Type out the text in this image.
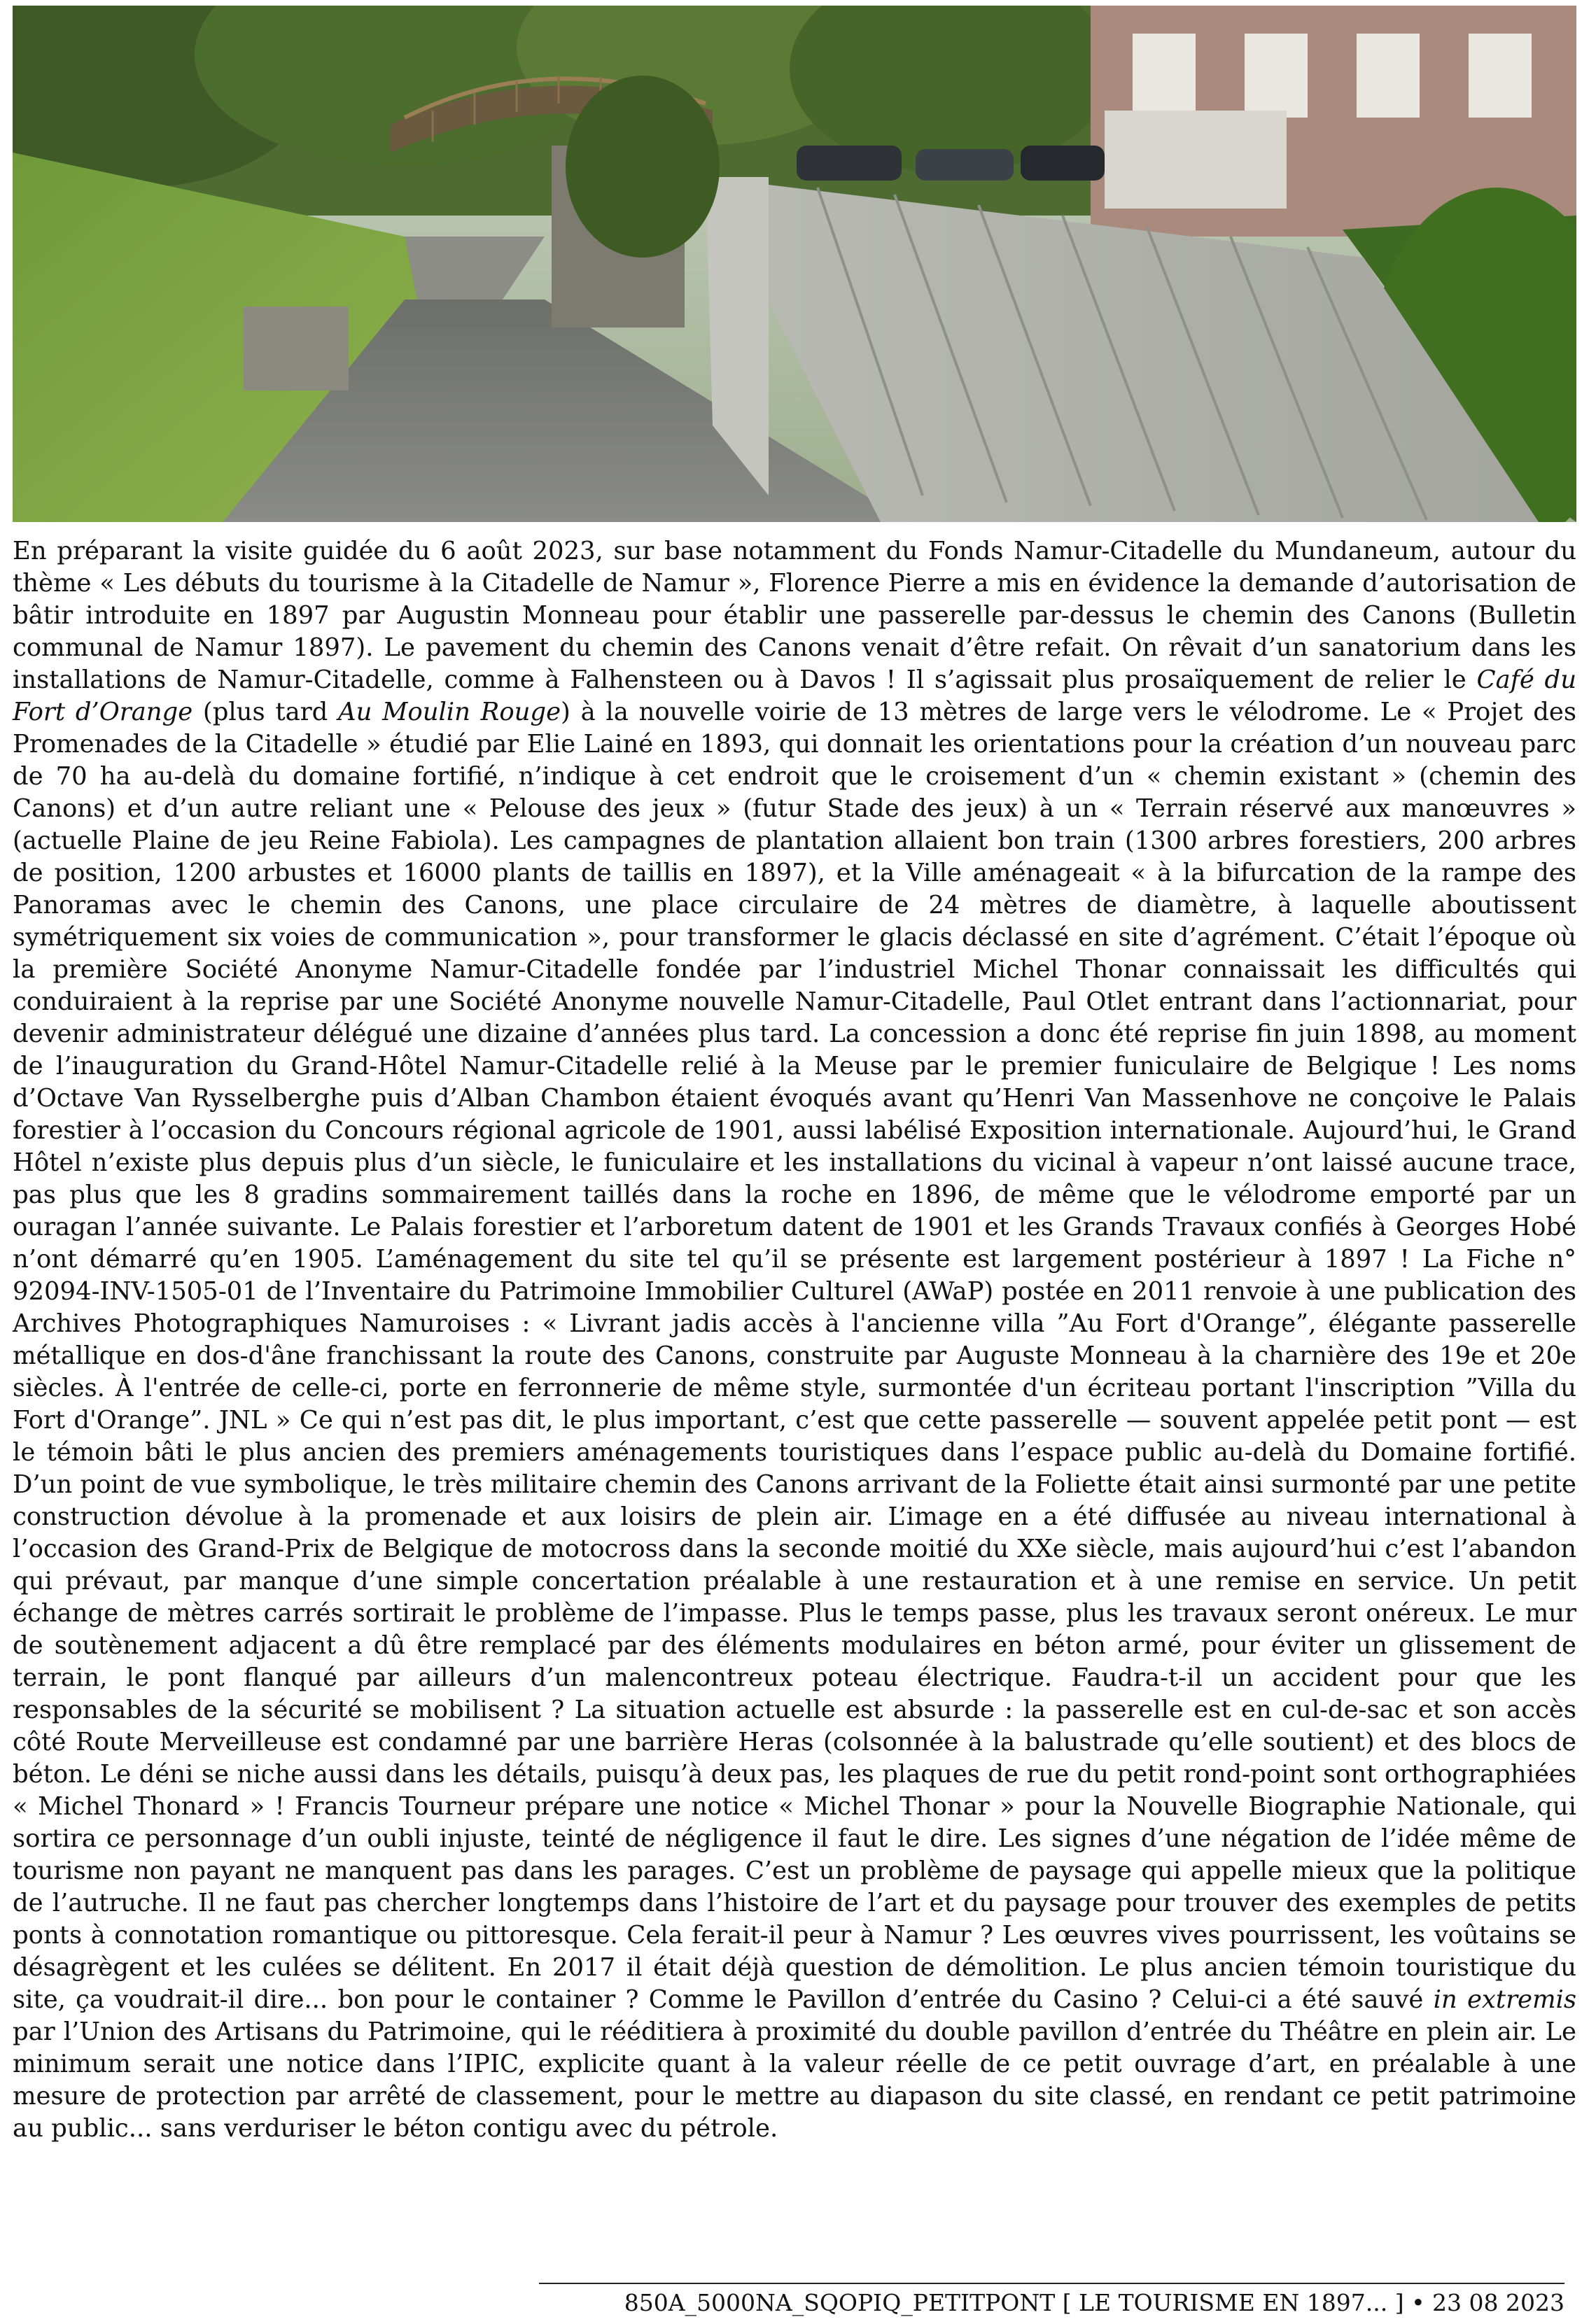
En préparant la visite guidée du 6 août 2023, sur base notamment du Fonds Namur-Citadelle du Mundaneum, autour du thème « Les débuts du tourisme à la Citadelle de Namur », Florence Pierre a mis en évidence la demande d’autorisation de bâtir introduite en 1897 par Augustin Monneau pour établir une passerelle par-dessus le chemin des Canons (Bulletin communal de Namur 1897). Le pavement du chemin des Canons venait d’être refait. On rêvait d’un sanatorium dans les installations de Namur-Citadelle, comme à Falhensteen ou à Davos ! Il s’agissait plus prosaïquement de relier le Café du Fort d’Orange (plus tard Au Moulin Rouge) à la nouvelle voirie de 13 mètres de large vers le vélodrome. Le « Projet des Promenades de la Citadelle » étudié par Elie Lainé en 1893, qui donnait les orientations pour la création d’un nouveau parc de 70 ha au-delà du domaine fortifié, n’indique à cet endroit que le croisement d’un « chemin existant » (chemin des Canons) et d’un autre reliant une « Pelouse des jeux » (futur Stade des jeux) à un « Terrain réservé aux manœuvres » (actuelle Plaine de jeu Reine Fabiola). Les campagnes de plantation allaient bon train (1300 arbres forestiers, 200 arbres de position, 1200 arbustes et 16000 plants de taillis en 1897), et la Ville aménageait « à la bifurcation de la rampe des Panoramas avec le chemin des Canons, une place circulaire de 24 mètres de diamètre, à laquelle aboutissent symétriquement six voies de communication », pour transformer le glacis déclassé en site d’agrément. C’était l’époque où la première Société Anonyme Namur-Citadelle fondée par l’industriel Michel Thonar connaissait les difficultés qui conduiraient à la reprise par une Société Anonyme nouvelle Namur-Citadelle, Paul Otlet entrant dans l’actionnariat, pour devenir administrateur délégué une dizaine d’années plus tard. La concession a donc été reprise fin juin 1898, au moment de l’inauguration du Grand-Hôtel Namur-Citadelle relié à la Meuse par le premier funiculaire de Belgique ! Les noms d’Octave Van Rysselberghe puis d’Alban Chambon étaient évoqués avant qu’Henri Van Massenhove ne conçoive le Palais forestier à l’occasion du Concours régional agricole de 1901, aussi labélisé Exposition internationale. Aujourd’hui, le Grand Hôtel n’existe plus depuis plus d’un siècle, le funiculaire et les installations du vicinal à vapeur n’ont laissé aucune trace, pas plus que les 8 gradins sommairement taillés dans la roche en 1896, de même que le vélodrome emporté par un ouragan l’année suivante. Le Palais forestier et l’arboretum datent de 1901 et les Grands Travaux confiés à Georges Hobé n’ont démarré qu’en 1905. L’aménagement du site tel qu’il se présente est largement postérieur à 1897 ! La Fiche n° 92094-INV-1505-01 de l’Inventaire du Patrimoine Immobilier Culturel (AWaP) postée en 2011 renvoie à une publication des Archives Photographiques Namuroises : « Livrant jadis accès à l'ancienne villa ”Au Fort d'Orange”, élégante passerelle métallique en dos-d'âne franchissant la route des Canons, construite par Auguste Monneau à la charnière des 19e et 20e siècles. À l'entrée de celle-ci, porte en ferronnerie de même style, surmontée d'un écriteau portant l'inscription ”Villa du Fort d'Orange”. JNL » Ce qui n’est pas dit, le plus important, c’est que cette passerelle — souvent appelée petit pont — est le témoin bâti le plus ancien des premiers aménagements touristiques dans l’espace public au-delà du Domaine fortifié. D’un point de vue symbolique, le très militaire chemin des Canons arrivant de la Foliette était ainsi surmonté par une petite construction dévolue à la promenade et aux loisirs de plein air. L’image en a été diffusée au niveau international à l’occasion des Grand-Prix de Belgique de motocross dans la seconde moitié du XXe siècle, mais aujourd’hui c’est l’abandon qui prévaut, par manque d’une simple concertation préalable à une restauration et à une remise en service. Un petit échange de mètres carrés sortirait le problème de l’impasse. Plus le temps passe, plus les travaux seront onéreux. Le mur de soutènement adjacent a dû être remplacé par des éléments modulaires en béton armé, pour éviter un glissement de terrain, le pont flanqué par ailleurs d’un malencontreux poteau électrique. Faudra-t-il un accident pour que les responsables de la sécurité se mobilisent ? La situation actuelle est absurde : la passerelle est en cul-de-sac et son accès côté Route Merveilleuse est condamné par une barrière Heras (colsonnée à la balustrade qu’elle soutient) et des blocs de béton. Le déni se niche aussi dans les détails, puisqu’à deux pas, les plaques de rue du petit rond-point sont orthographiées « Michel Thonard » ! Francis Tourneur prépare une notice « Michel Thonar » pour la Nouvelle Biographie Nationale, qui sortira ce personnage d’un oubli injuste, teinté de négligence il faut le dire. Les signes d’une négation de l’idée même de tourisme non payant ne manquent pas dans les parages. C’est un problème de paysage qui appelle mieux que la politique de l’autruche. Il ne faut pas chercher longtemps dans l’histoire de l’art et du paysage pour trouver des exemples de petits ponts à connotation romantique ou pittoresque. Cela ferait-il peur à Namur ? Les œuvres vives pourrissent, les voûtains se désagrègent et les culées se délitent. En 2017 il était déjà question de démolition. Le plus ancien témoin touristique du site, ça voudrait-il dire... bon pour le container ? Comme le Pavillon d’entrée du Casino ? Celui-ci a été sauvé in extremis par l’Union des Artisans du Patrimoine, qui le rééditiera à proximité du double pavillon d’entrée du Théâtre en plein air. Le minimum serait une notice dans l’IPIC, explicite quant à la valeur réelle de ce petit ouvrage d’art, en préalable à une mesure de protection par arrêté de classement, pour le mettre au diapason du site classé, en rendant ce petit patrimoine au public... sans verduriser le béton contigu avec du pétrole.

850A_5000NA_SQOPIQ_PETITPONT [ LE TOURISME EN 1897... ] • 23 08 2023
